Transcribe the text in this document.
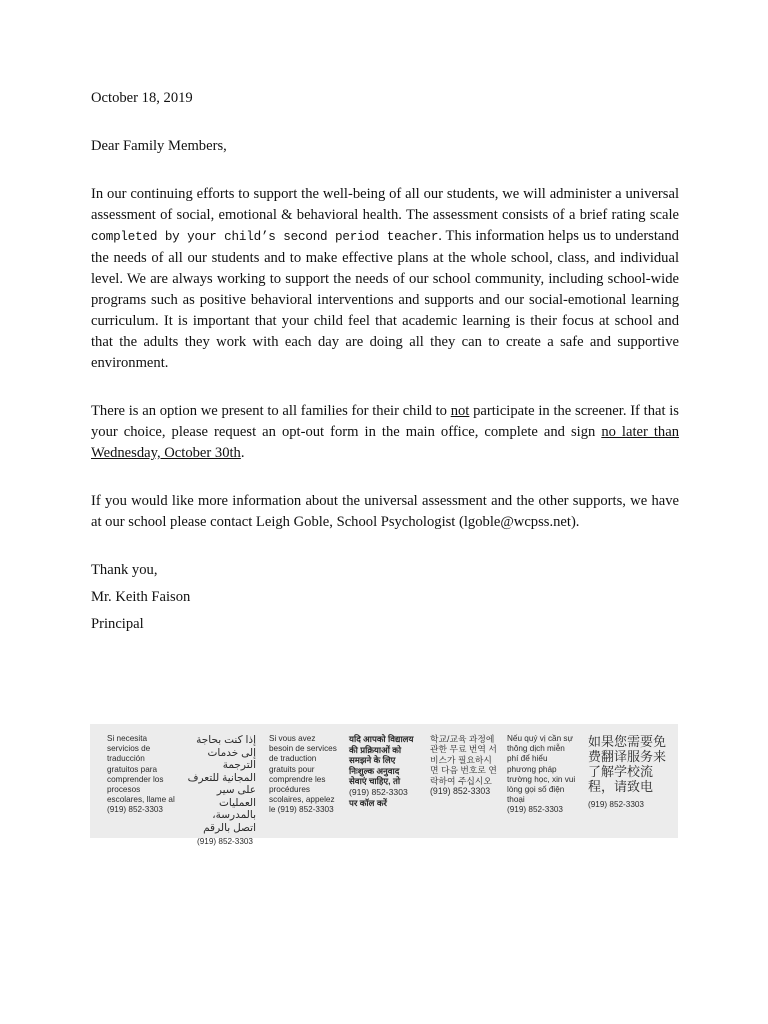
October 18, 2019

Dear Family Members,

In our continuing efforts to support the well-being of all our students, we will administer a universal assessment of social, emotional & behavioral health. The assessment consists of a brief rating scale completed by your child’s second period teacher. This information helps us to understand the needs of all our students and to make effective plans at the whole school, class, and individual level. We are always working to support the needs of our school community, including school-wide programs such as positive behavioral interventions and supports and our social-emotional learning curriculum. It is important that your child feel that academic learning is their focus at school and that the adults they work with each day are doing all they can to create a safe and supportive environment.

There is an option we present to all families for their child to not participate in the screener. If that is your choice, please request an opt-out form in the main office, complete and sign no later than Wednesday, October 30th.

If you would like more information about the universal assessment and the other supports, we have at our school please contact Leigh Goble, School Psychologist (lgoble@wcpss.net).

Thank you,

Mr. Keith Faison

Principal

Si necesita servicios de traducción gratuitos para comprender los procesos escolares, llame al
(919) 852-3303
إذا كنت بحاجة إلى خدمات الترجمة المجانية للتعرف على سير العمليات بالمدرسة، اتصل بالرقم
(919) 852-3303
Si vous avez besoin de services de traduction gratuits pour comprendre les procédures scolaires, appelez le (919) 852-3303
यदि आपको विद्यालय की प्रक्रियाओं को समझने के लिए निःशुल्क अनुवाद सेवाएं चाहिए, तो
(919) 852-3303
पर कॉल करें
학교/교육 과정에 관한 무료 번역 서비스가 필요하시면 다음 번호로 연락하여 주십시오
(919) 852-3303
Nếu quý vị cần sự thông dịch miễn phí để hiểu phương pháp trường học, xin vui lòng gọi số điện thoại
(919) 852-3303
如果您需要免费翻译服务来了解学校流程，请致电
(919) 852-3303
